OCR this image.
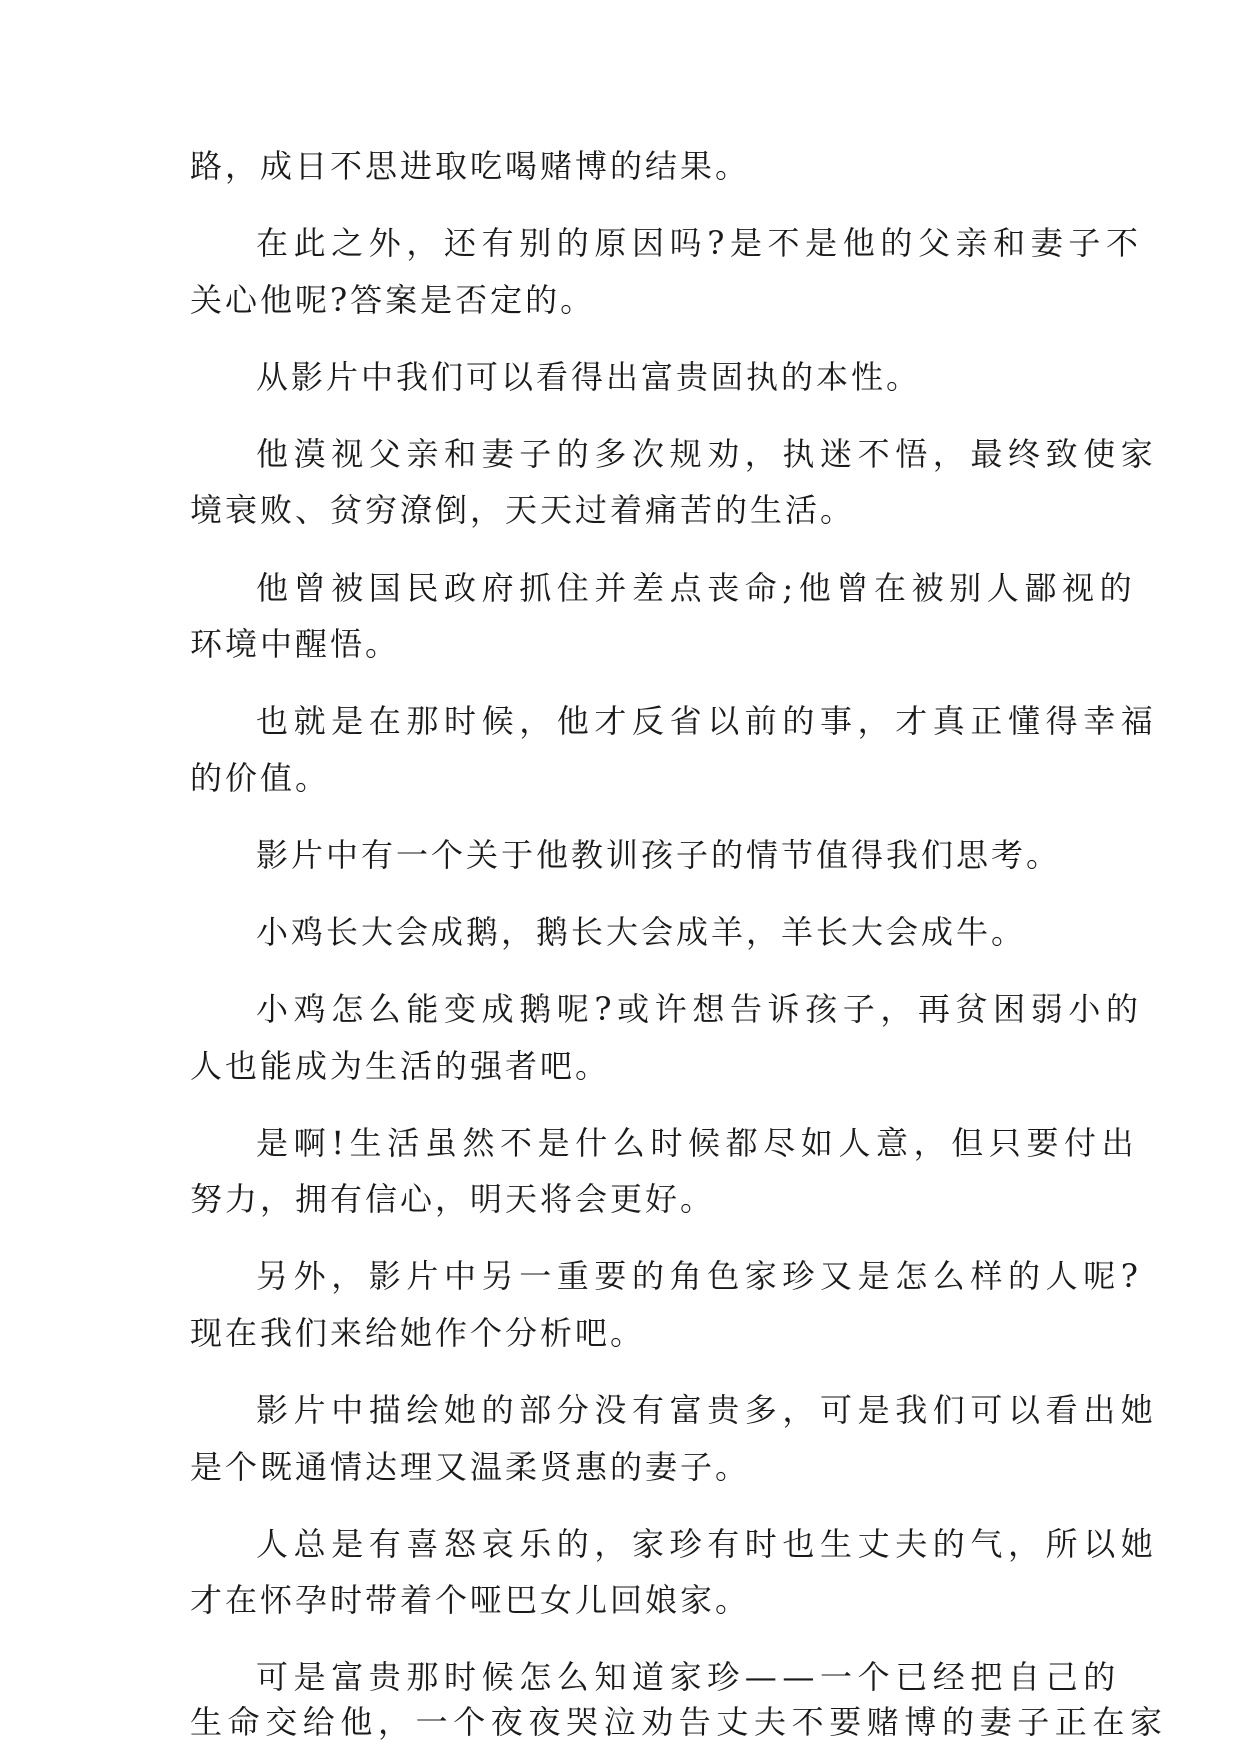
路，成日不思进取吃喝赌博的结果。
在此之外，还有别的原因吗?是不是他的父亲和妻子不
关心他呢?答案是否定的。
从影片中我们可以看得出富贵固执的本性。
他漠视父亲和妻子的多次规劝，执迷不悟，最终致使家
境衰败、贫穷潦倒，天天过着痛苦的生活。
他曾被国民政府抓住并差点丧命;他曾在被别人鄙视的
环境中醒悟。
也就是在那时候，他才反省以前的事，才真正懂得幸福
的价值。
影片中有一个关于他教训孩子的情节值得我们思考。
小鸡长大会成鹅，鹅长大会成羊，羊长大会成牛。
小鸡怎么能变成鹅呢?或许想告诉孩子，再贫困弱小的
人也能成为生活的强者吧。
是啊!生活虽然不是什么时候都尽如人意，但只要付出
努力，拥有信心，明天将会更好。
另外，影片中另一重要的角色家珍又是怎么样的人呢?
现在我们来给她作个分析吧。
影片中描绘她的部分没有富贵多，可是我们可以看出她
是个既通情达理又温柔贤惠的妻子。
人总是有喜怒哀乐的，家珍有时也生丈夫的气，所以她
才在怀孕时带着个哑巴女儿回娘家。
可是富贵那时候怎么知道家珍——一个已经把自己的
生命交给他，一个夜夜哭泣劝告丈夫不要赌博的妻子正在家
